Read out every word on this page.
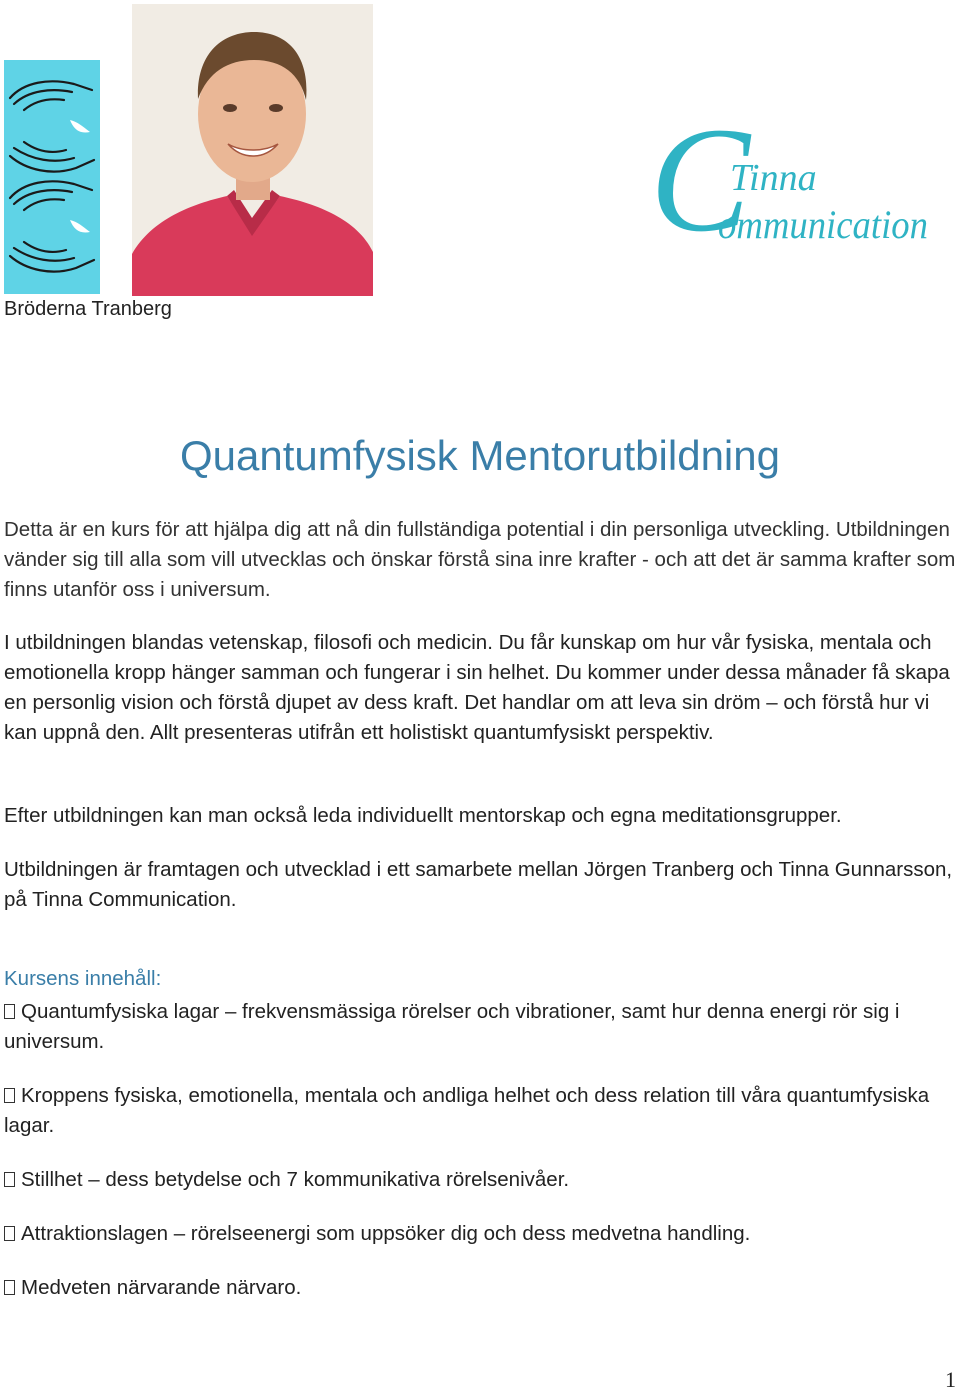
C
Tinna
ommunication
Bröderna Tranberg
Quantumfysisk Mentorutbildning

Detta är en kurs för att hjälpa dig att nå din fullständiga potential i din personliga utveckling. Utbildningen vänder sig till alla som vill utvecklas och önskar förstå sina inre krafter - och att det är samma krafter som finns utanför oss i universum.

I utbildningen blandas vetenskap, filosofi och medicin. Du får kunskap om hur vår fysiska, mentala och emotionella kropp hänger samman och fungerar i sin helhet. Du kommer under dessa månader få skapa en personlig vision och förstå djupet av dess kraft. Det handlar om att leva sin dröm – och förstå hur vi kan uppnå den. Allt presenteras utifrån ett holistiskt quantumfysiskt perspektiv.

Efter utbildningen kan man också leda individuellt mentorskap och egna meditationsgrupper.

Utbildningen är framtagen och utvecklad i ett samarbete mellan Jörgen Tranberg och Tinna Gunnarsson, på Tinna Communication.

Kursens innehåll:

Quantumfysiska lagar – frekvensmässiga rörelser och vibrationer, samt hur denna energi rör sig i universum.

Kroppens fysiska, emotionella, mentala och andliga helhet och dess relation till våra quantumfysiska lagar.

Stillhet – dess betydelse och 7 kommunikativa rörelsenivåer.

Attraktionslagen – rörelseenergi som uppsöker dig och dess medvetna handling.

Medveten närvarande närvaro.

1
